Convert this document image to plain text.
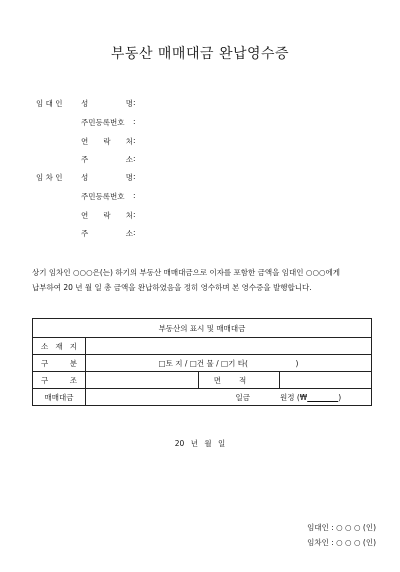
부동산 매매대금 완납영수증
임 대 인 성	명 :
주민등록번호 :
연 락 처 :
주	소 :
임 차 인 성	명 :
주민등록번호 :
연 락 처 :
주	소 :
상기 임차인 ○○○은(는) 하기의 부동산 매매대금으로 이자를 포함한 금액을 임대인 ○○○에게
납부하여 20 년 월 일 총 금액을 완납하였음을 정히 영수하며 본 영수증을 발행합니다.
부동산의 표시 및 매매대금			

소 재 지			

구 분	□토 지 / □건 물 / □기 타(                    )		

구 조		면적	
매매대금	일금 원정 (₩ )		
20 년 월 일
임대인 : ○ ○ ○ (인)
임차인 : ○ ○ ○ (인)
